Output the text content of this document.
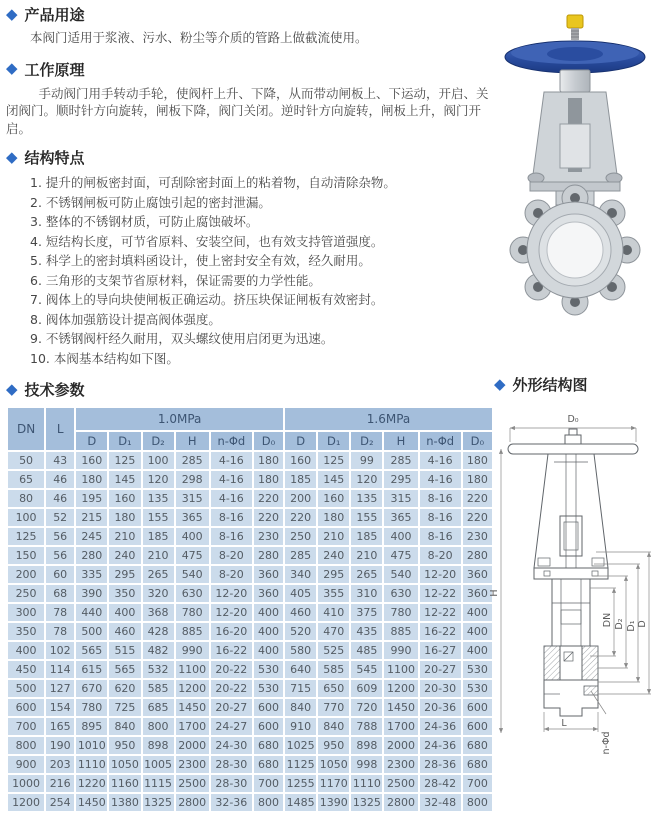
◆ 产品用途

本阀门适用于浆液、污水、粉尘等介质的管路上做截流使用。

◆ 工作原理

手动阀门用手转动手轮，使阀杆上升、下降，从而带动闸板上、下运动，开启、关闭阀门。顺时针方向旋转，闸板下降，阀门关闭。逆时针方向旋转，闸板上升，阀门开启。

◆ 结构特点
1. 提升的闸板密封面，可刮除密封面上的粘着物，自动清除杂物。
2. 不锈钢闸板可防止腐蚀引起的密封泄漏。
3. 整体的不锈钢材质，可防止腐蚀破坏。
4. 短结构长度，可节省原料、安装空间，也有效支持管道强度。
5. 科学上的密封填料函设计，使上密封安全有效，经久耐用。
6. 三角形的支架节省原材料，保证需要的力学性能。
7. 阀体上的导向块使闸板正确运动。挤压块保证闸板有效密封。
8. 阀体加强筋设计提高阀体强度。
9. 不锈钢阀杆经久耐用，双头螺纹使用启闭更为迅速。
10. 本阀基本结构如下图。
◆ 技术参数
DN	L	1.0MPa						1.6MPa					
		D	D₁	D₂	H	n-Φd	D₀	D	D₁	D₂	H	n-Φd	D₀
50	43	160	125	100	285	4-16	180	160	125	99	285	4-16	180
65	46	180	145	120	298	4-16	180	185	145	120	295	4-16	180
80	46	195	160	135	315	4-16	220	200	160	135	315	8-16	220
100	52	215	180	155	365	8-16	220	220	180	155	365	8-16	220
125	56	245	210	185	400	8-16	230	250	210	185	400	8-16	230
150	56	280	240	210	475	8-20	280	285	240	210	475	8-20	280
200	60	335	295	265	540	8-20	360	340	295	265	540	12-20	360
250	68	390	350	320	630	12-20	360	405	355	310	630	12-22	360
300	78	440	400	368	780	12-20	400	460	410	375	780	12-22	400
350	78	500	460	428	885	16-20	400	520	470	435	885	16-22	400
400	102	565	515	482	990	16-22	400	580	525	485	990	16-27	400
450	114	615	565	532	1100	20-22	530	640	585	545	1100	20-27	530
500	127	670	620	585	1200	20-22	530	715	650	609	1200	20-30	530
600	154	780	725	685	1450	20-27	600	840	770	720	1450	20-36	600
700	165	895	840	800	1700	24-27	600	910	840	788	1700	24-36	600
800	190	1010	950	898	2000	24-30	680	1025	950	898	2000	24-36	680
900	203	1110	1050	1005	2300	28-30	680	1125	1050	998	2300	28-36	680
1000	216	1220	1160	1115	2500	28-30	700	1255	1170	1110	2500	28-42	700
1200	254	1450	1380	1325	2800	32-36	800	1485	1390	1325	2800	32-48	800
◆ 外形结构图
D₀
H
L
n-Φd
DN D₂ D₁ D
